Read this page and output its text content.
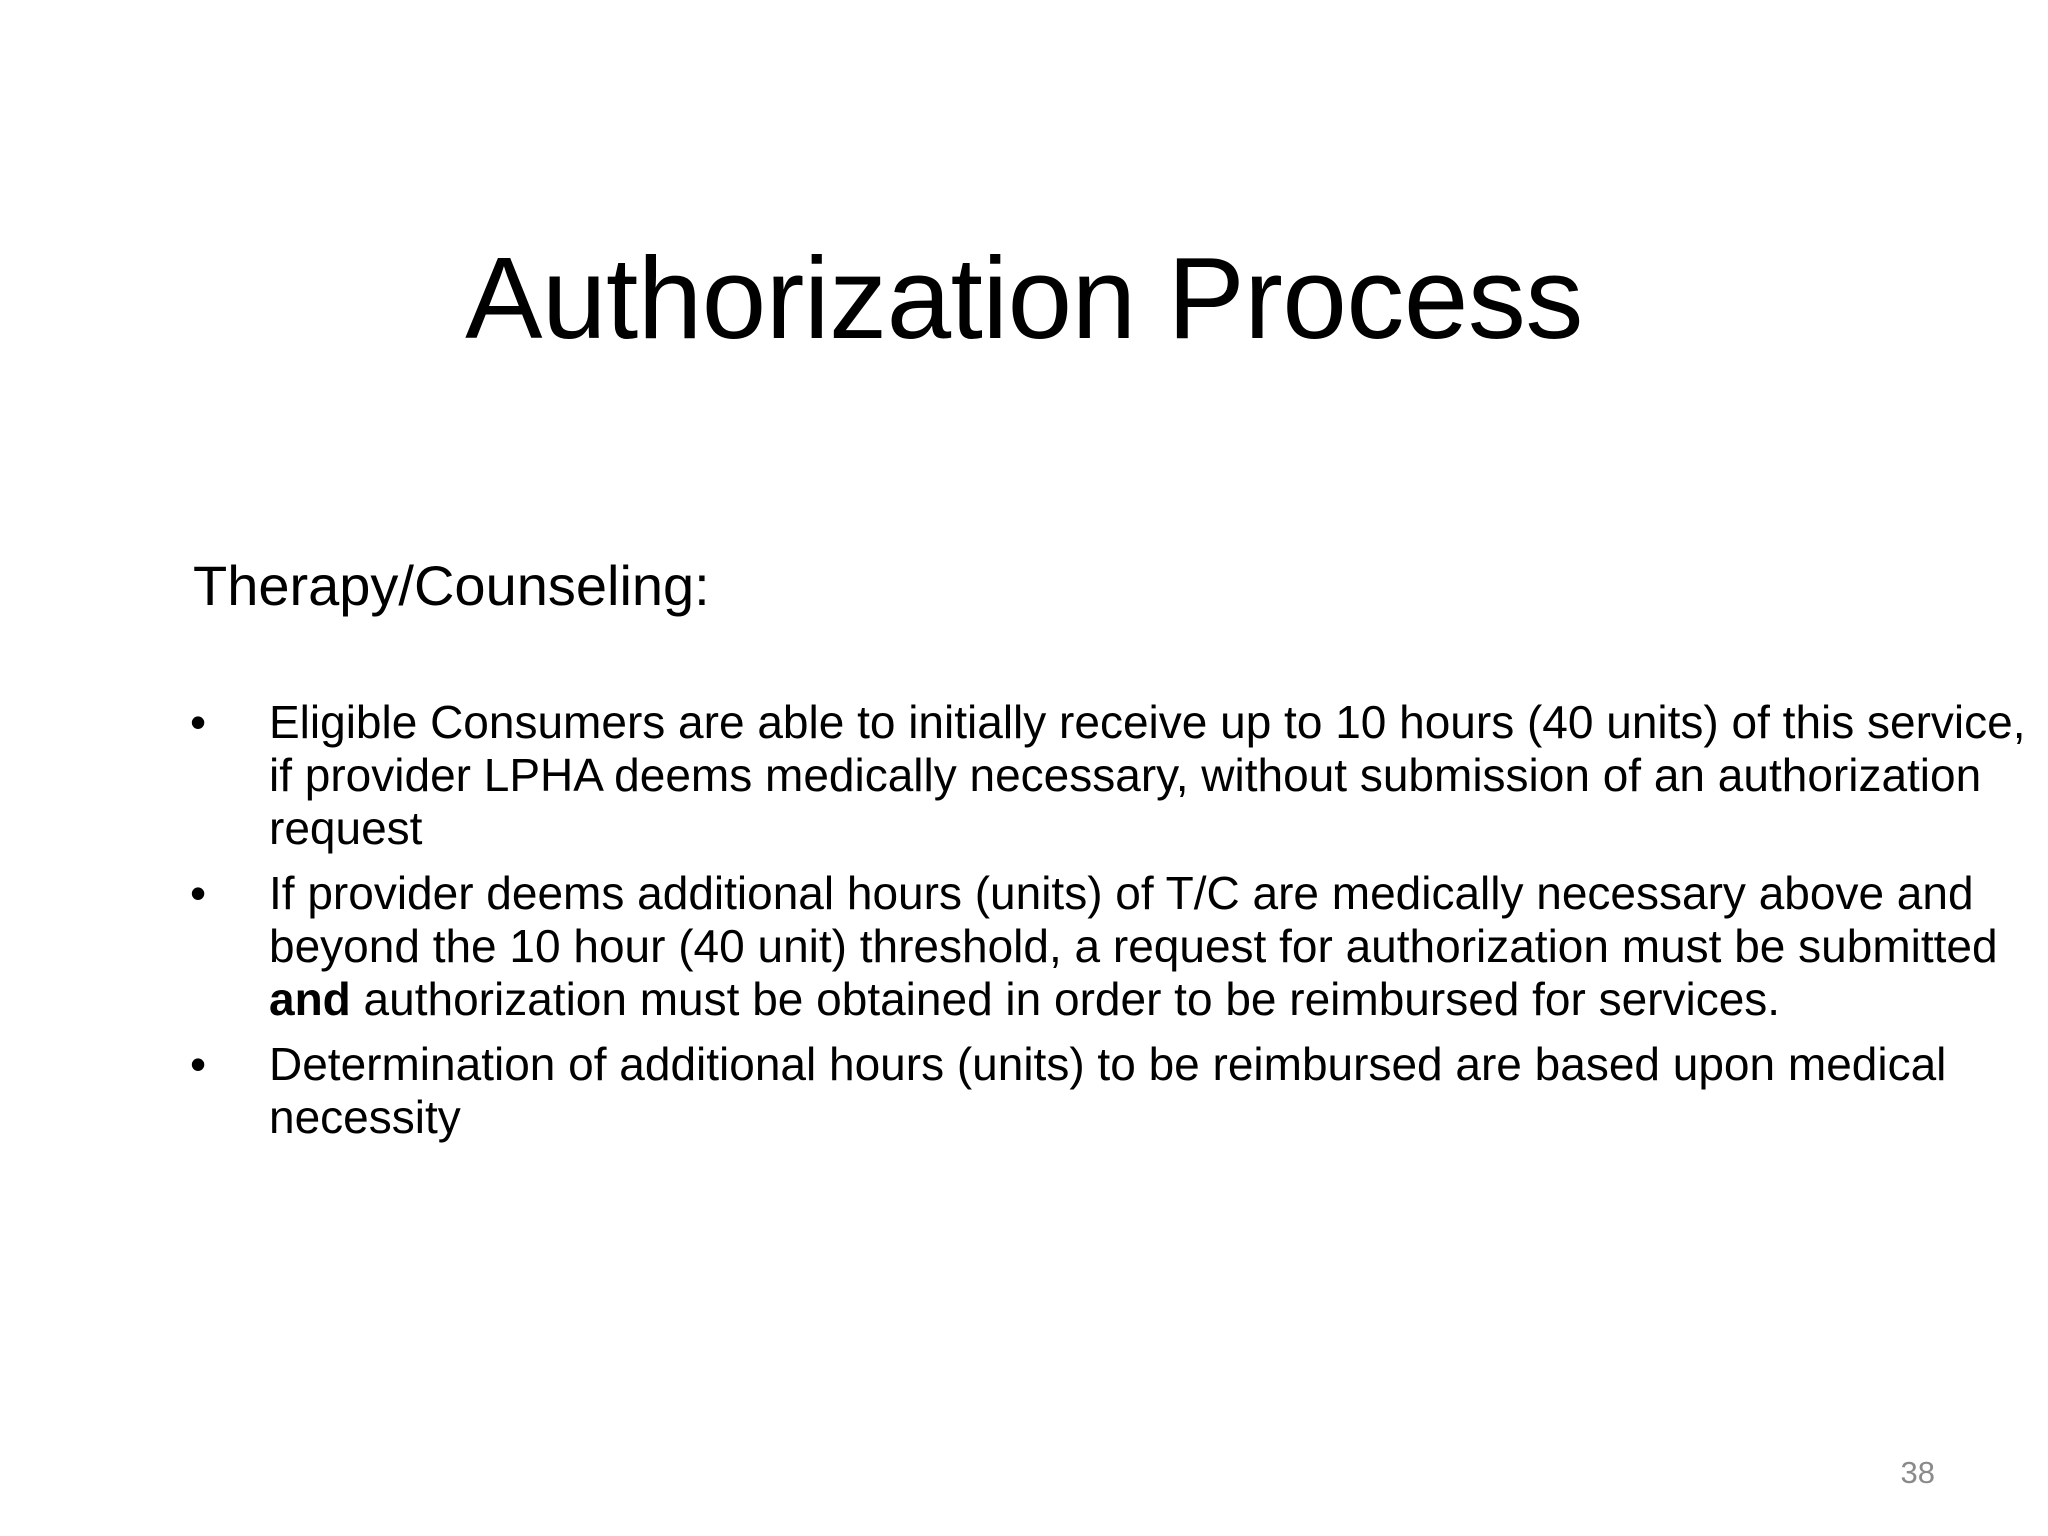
Authorization Process
Therapy/Counseling:
•	Eligible Consumers are able to initially receive up to 10 hours (40 units) of this service, if provider LPHA deems medically necessary, without submission of an authorization request
•	If provider deems additional hours (units) of T/C are medically necessary above and beyond the 10 hour (40 unit) threshold, a request for authorization must be submitted and authorization must be obtained in order to be reimbursed for services.
•	Determination of additional hours (units) to be reimbursed are based upon medical necessity
38
